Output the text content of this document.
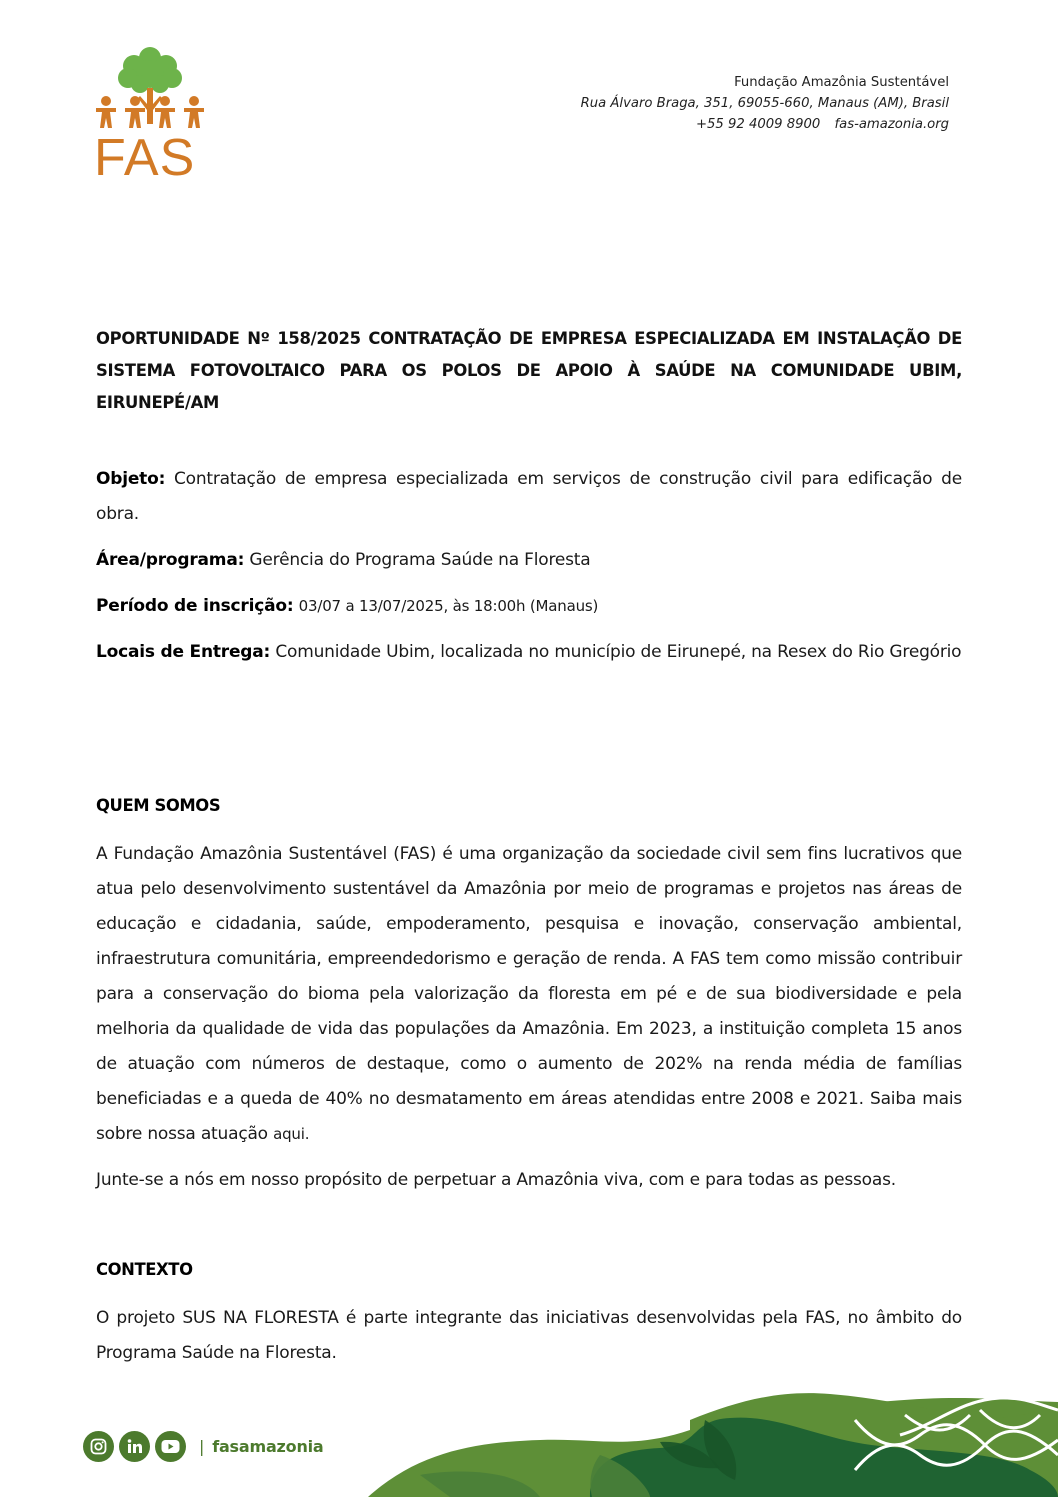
FAS
Fundação Amazônia Sustentável
Rua Álvaro Braga, 351, 69055-660, Manaus (AM), Brasil
+55 92 4009 8900 fas-amazonia.org
OPORTUNIDADE Nº 158/2025 CONTRATAÇÃO DE EMPRESA ESPECIALIZADA EM INSTALAÇÃO DE SISTEMA FOTOVOLTAICO PARA OS POLOS DE APOIO À SAÚDE NA COMUNIDADE UBIM, EIRUNEPÉ/AM
Objeto: Contratação de empresa especializada em serviços de construção civil para edificação de obra.
Área/programa: Gerência do Programa Saúde na Floresta
Período de inscrição: 03/07 a 13/07/2025, às 18:00h (Manaus)
Locais de Entrega: Comunidade Ubim, localizada no município de Eirunepé, na Resex do Rio Gregório
QUEM SOMOS
A Fundação Amazônia Sustentável (FAS) é uma organização da sociedade civil sem fins lucrativos que atua pelo desenvolvimento sustentável da Amazônia por meio de programas e projetos nas áreas de educação e cidadania, saúde, empoderamento, pesquisa e inovação, conservação ambiental, infraestrutura comunitária, empreendedorismo e geração de renda. A FAS tem como missão contribuir para a conservação do bioma pela valorização da floresta em pé e de sua biodiversidade e pela melhoria da qualidade de vida das populações da Amazônia. Em 2023, a instituição completa 15 anos de atuação com números de destaque, como o aumento de 202% na renda média de famílias beneficiadas e a queda de 40% no desmatamento em áreas atendidas entre 2008 e 2021. Saiba mais sobre nossa atuação aqui.
Junte-se a nós em nosso propósito de perpetuar a Amazônia viva, com e para todas as pessoas.
CONTEXTO
O projeto SUS NA FLORESTA é parte integrante das iniciativas desenvolvidas pela FAS, no âmbito do Programa Saúde na Floresta.
| fasamazonia
